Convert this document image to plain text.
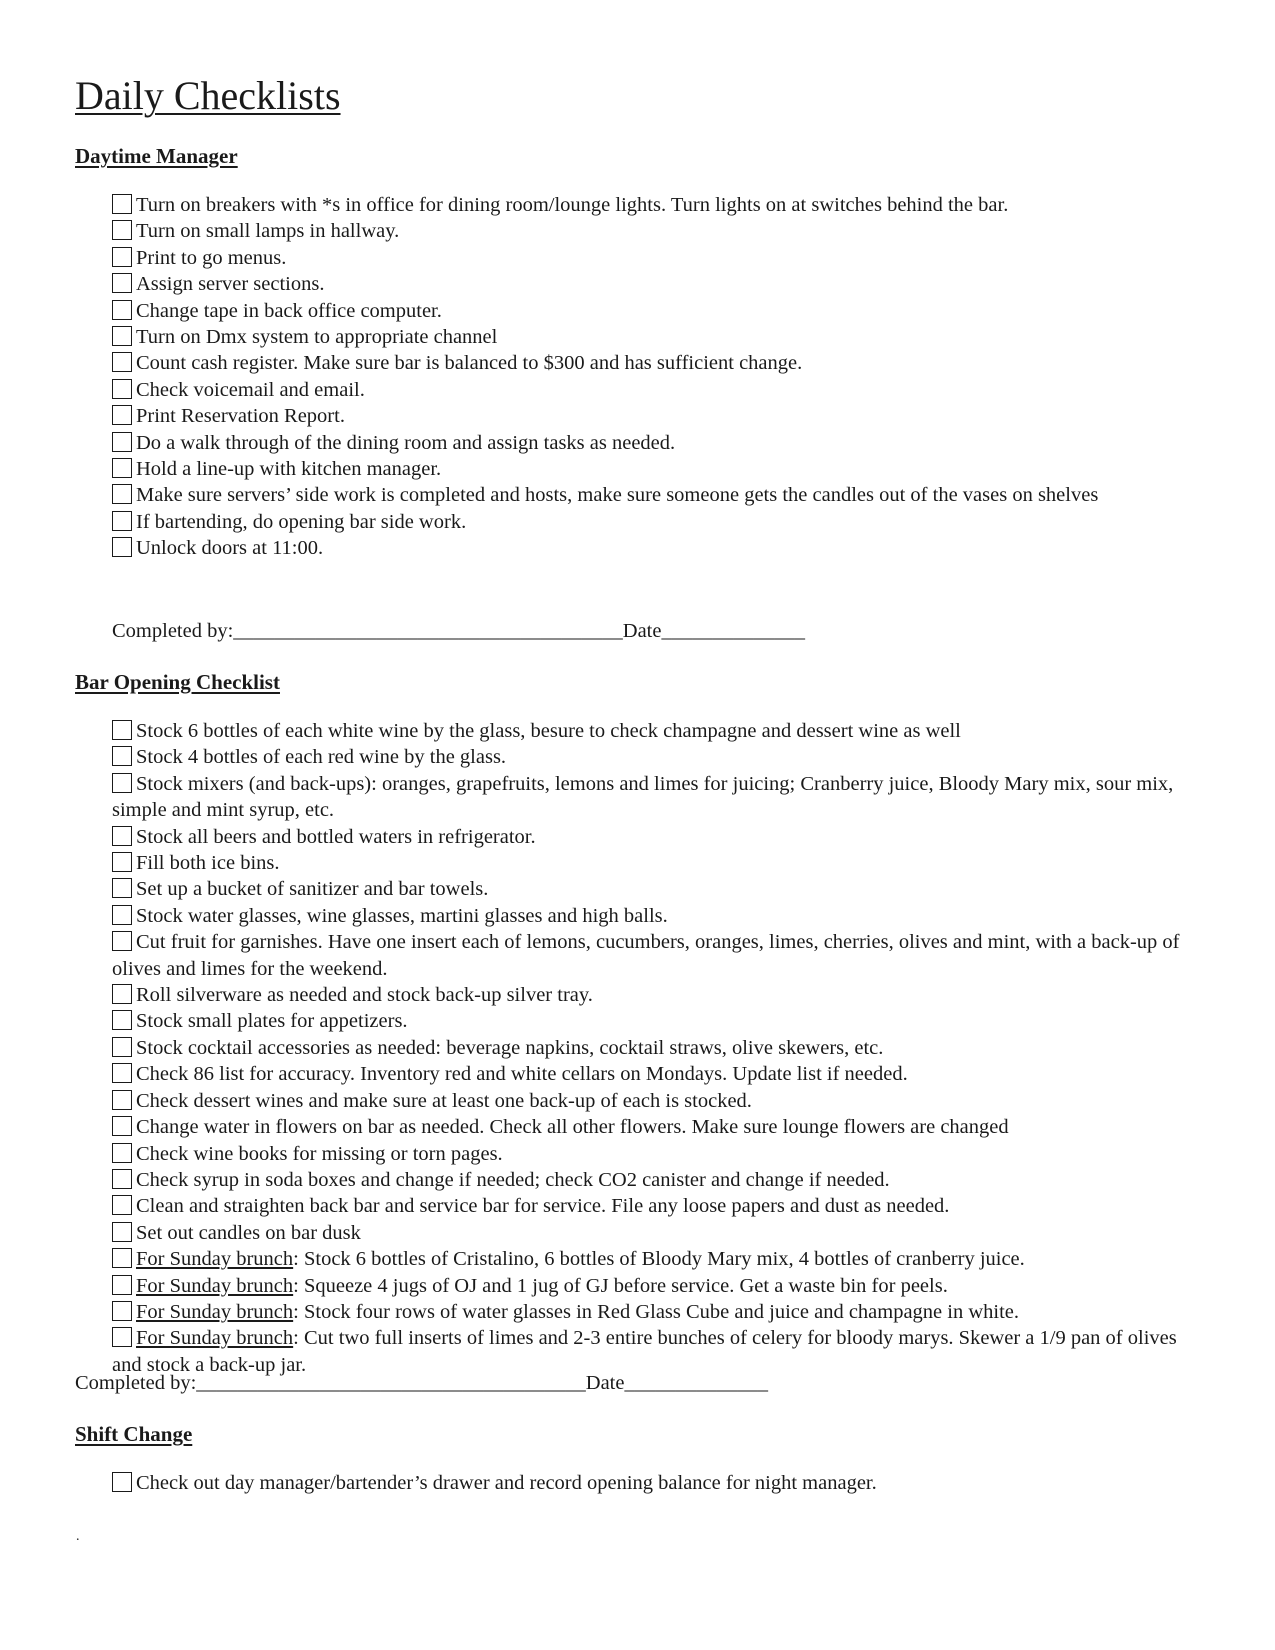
Daily Checklists
Daytime Manager
Turn on breakers with *s in office for dining room/lounge lights. Turn lights on at switches behind the bar.
Turn on small lamps in hallway.
Print to go menus.
Assign server sections.
Change tape in back office computer.
Turn on Dmx system to appropriate channel
Count cash register. Make sure bar is balanced to $300 and has sufficient change.
Check voicemail and email.
Print Reservation Report.
Do a walk through of the dining room and assign tasks as needed.
Hold a line-up with kitchen manager.
Make sure servers’ side work is completed and hosts, make sure someone gets the candles out of the vases on shelves
If bartending, do opening bar side work.
Unlock doors at 11:00.
Completed by:______________________________________Date______________
Bar Opening Checklist
Stock 6 bottles of each white wine by the glass, besure to check champagne and dessert wine as well
Stock 4 bottles of each red wine by the glass.
Stock mixers (and back-ups): oranges, grapefruits, lemons and limes for juicing; Cranberry juice, Bloody Mary mix, sour mix, simple and mint syrup, etc.
Stock all beers and bottled waters in refrigerator.
Fill both ice bins.
Set up a bucket of sanitizer and bar towels.
Stock water glasses, wine glasses, martini glasses and high balls.
Cut fruit for garnishes. Have one insert each of lemons, cucumbers, oranges, limes, cherries, olives and mint, with a back-up of olives and limes for the weekend.
Roll silverware as needed and stock back-up silver tray.
Stock small plates for appetizers.
Stock cocktail accessories as needed: beverage napkins, cocktail straws, olive skewers, etc.
Check 86 list for accuracy. Inventory red and white cellars on Mondays. Update list if needed.
Check dessert wines and make sure at least one back-up of each is stocked.
Change water in flowers on bar as needed. Check all other flowers. Make sure lounge flowers are changed
Check wine books for missing or torn pages.
Check syrup in soda boxes and change if needed; check CO2 canister and change if needed.
Clean and straighten back bar and service bar for service. File any loose papers and dust as needed.
Set out candles on bar dusk
For Sunday brunch: Stock 6 bottles of Cristalino, 6 bottles of Bloody Mary mix, 4 bottles of cranberry juice.
For Sunday brunch: Squeeze 4 jugs of OJ and 1 jug of GJ before service. Get a waste bin for peels.
For Sunday brunch: Stock four rows of water glasses in Red Glass Cube and juice and champagne in white.
For Sunday brunch: Cut two full inserts of limes and 2-3 entire bunches of celery for bloody marys. Skewer a 1/9 pan of olives and stock a back-up jar.
Completed by:______________________________________Date______________
Shift Change
.
Check out day manager/bartender’s drawer and record opening balance for night manager.
